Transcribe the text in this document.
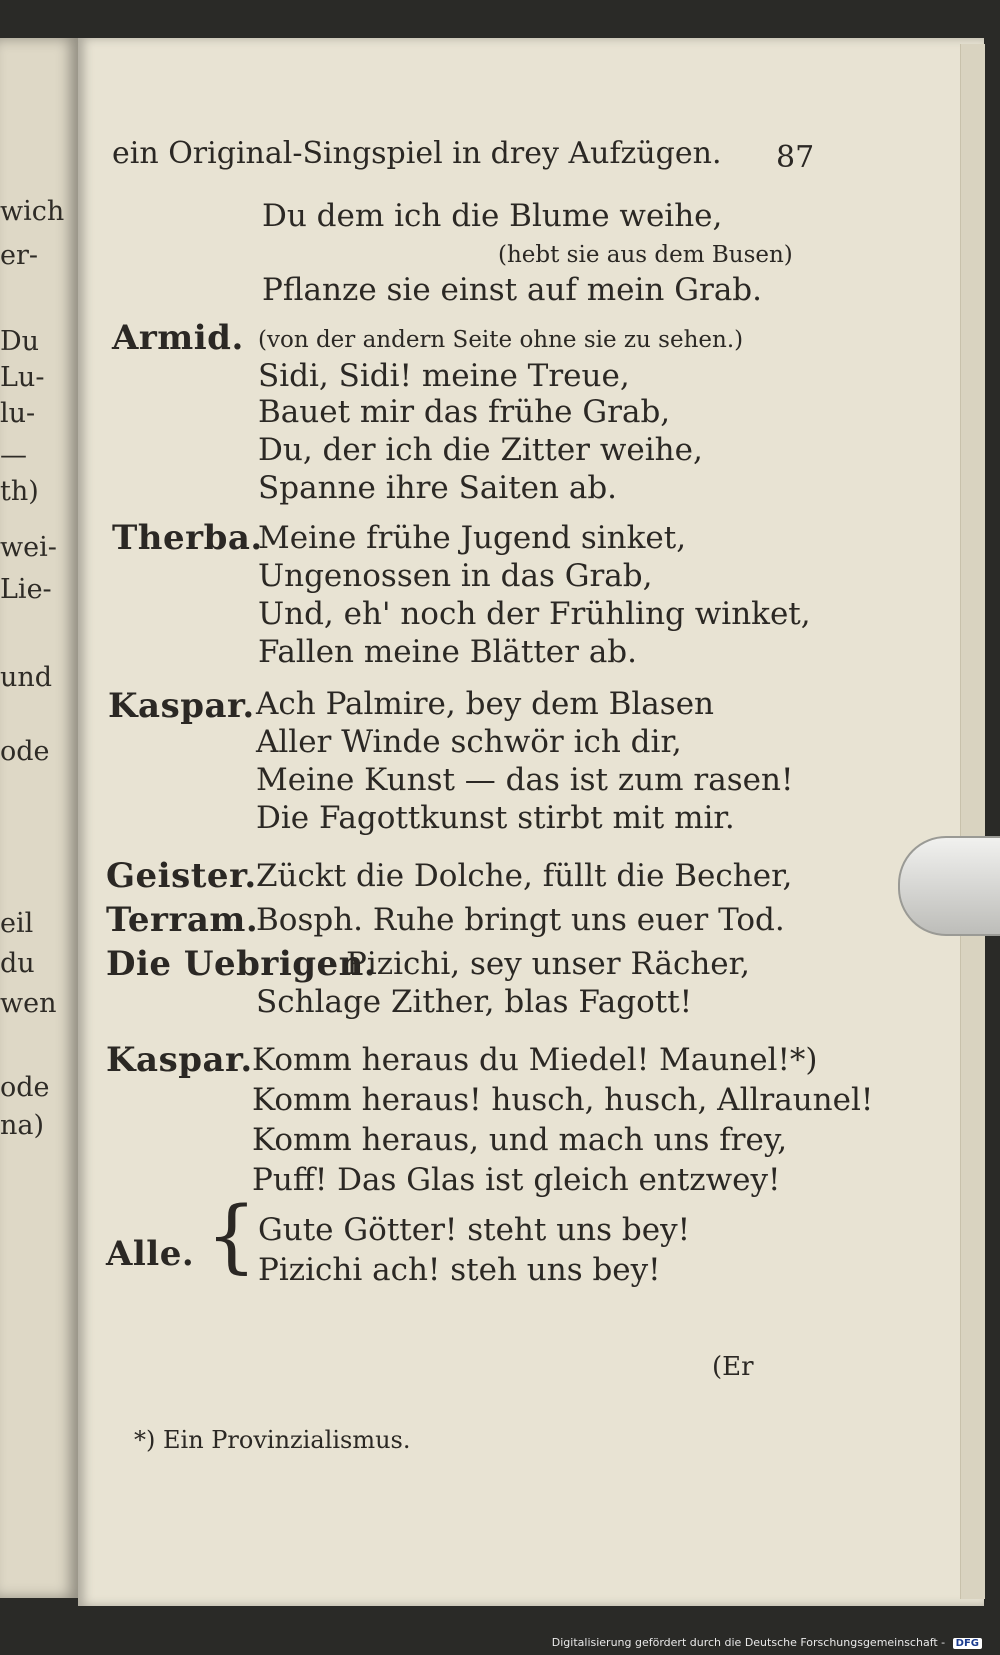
wich
er-
Du
Lu-
lu-
—
th)
wei-
Lie-
und
ode
eil
du
wen
ode
na)
ein Original-Singspiel in drey Aufzügen. 87
Du dem ich die Blume weihe,
(hebt sie aus dem Busen)
Pflanze sie einst auf mein Grab.
Armid. (von der andern Seite ohne sie zu sehen.)
Sidi, Sidi! meine Treue,
Bauet mir das frühe Grab,
Du, der ich die Zitter weihe,
Spanne ihre Saiten ab.
Therba.
Meine frühe Jugend sinket,
Ungenossen in das Grab,
Und, eh' noch der Frühling winket,
Fallen meine Blätter ab.
Kaspar. Ach Palmire, bey dem Blasen
Aller Winde schwör ich dir,
Meine Kunst — das ist zum rasen!
Die Fagottkunst stirbt mit mir.
Geister. Zückt die Dolche, füllt die Becher,
Terram.
Bosph. Ruhe bringt uns euer Tod.
Die Uebrigen.
Pizichi, sey unser Rächer,
Schlage Zither, blas Fagott!
Kaspar. Komm heraus du Miedel! Maunel!*)
Komm heraus! husch, husch, Allraunel!
Komm heraus, und mach uns frey,
Puff! Das Glas ist gleich entzwey!
Alle. { Gute Götter! steht uns bey!
Pizichi ach! steh uns bey!
(Er
*) Ein Provinzialismus.
Digitalisierung gefördert durch die Deutsche Forschungsgemeinschaft - DFG
